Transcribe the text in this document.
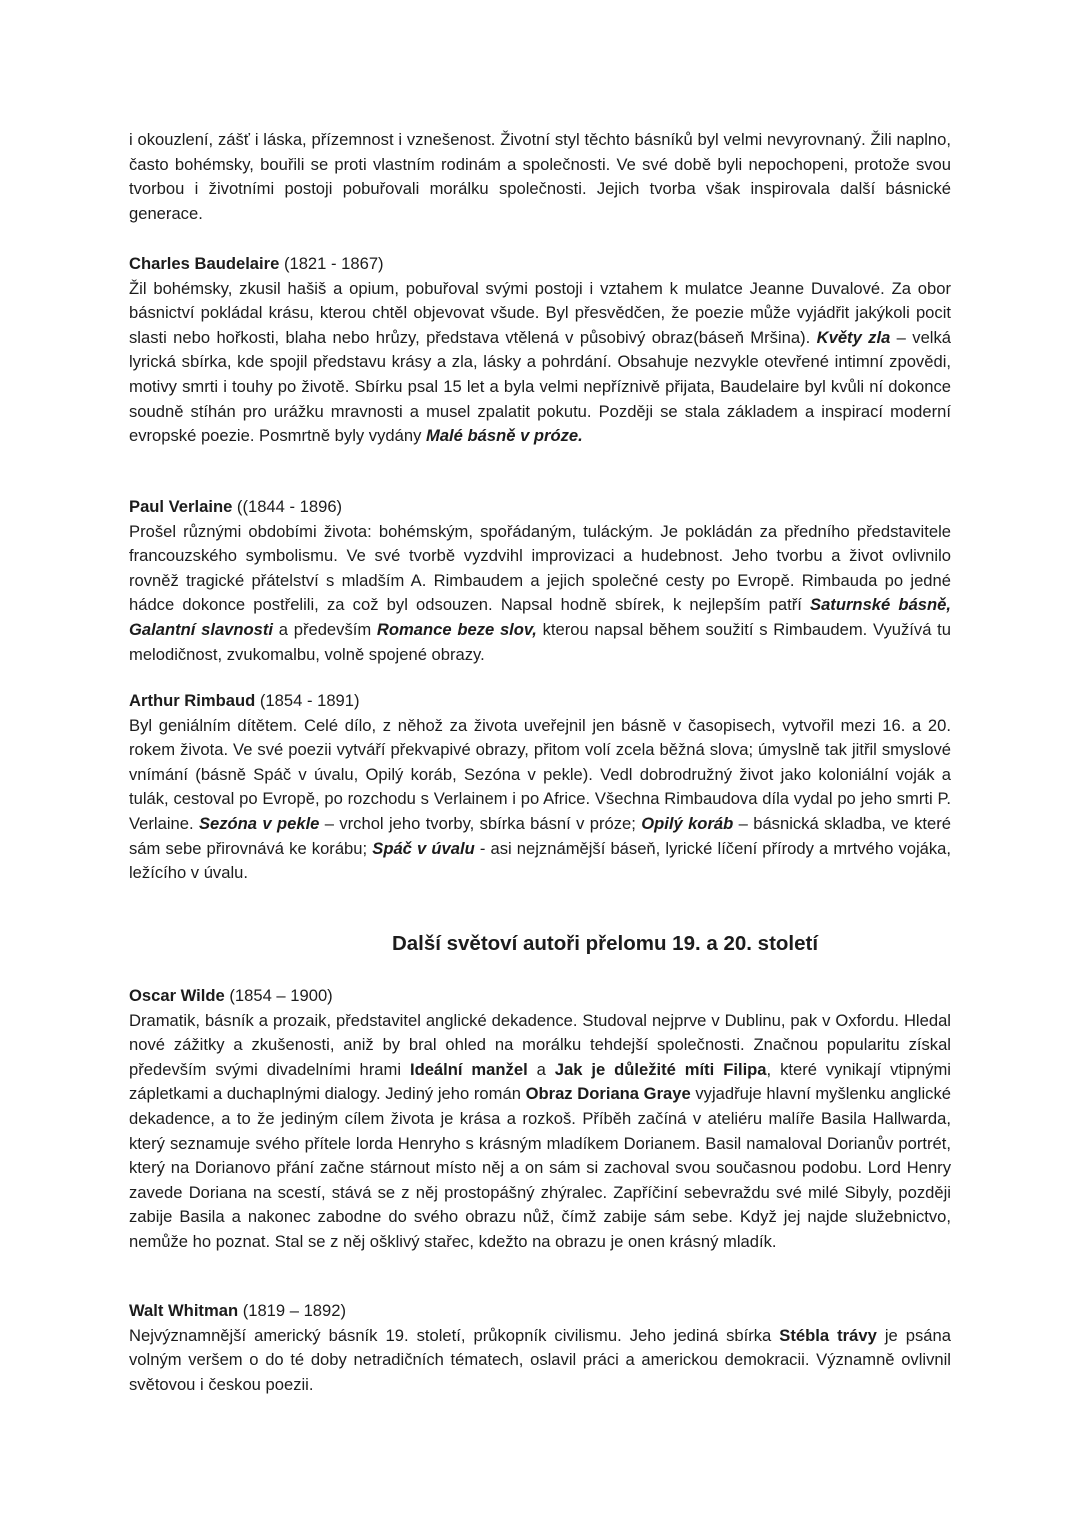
i okouzlení, zášť i láska, přízemnost i vznešenost. Životní styl těchto básníků byl velmi nevyrovnaný. Žili naplno, často bohémsky, bouřili se proti vlastním rodinám a společnosti. Ve své době byli nepochopeni, protože svou tvorbou i životními postoji pobuřovali morálku společnosti. Jejich tvorba však inspirovala další básnické generace.

Charles Baudelaire (1821 - 1867)

Žil bohémsky, zkusil hašiš a opium, pobuřoval svými postoji i vztahem k mulatce Jeanne Duvalové. Za obor básnictví pokládal krásu, kterou chtěl objevovat všude. Byl přesvědčen, že poezie může vyjádřit jakýkoli pocit slasti nebo hořkosti, blaha nebo hrůzy, představa vtělená v působivý obraz(báseň Mršina). Květy zla – velká lyrická sbírka, kde spojil představu krásy a zla, lásky a pohrdání. Obsahuje nezvykle otevřené intimní zpovědi, motivy smrti i touhy po životě. Sbírku psal 15 let a byla velmi nepříznivě přijata, Baudelaire byl kvůli ní dokonce soudně stíhán pro urážku mravnosti a musel zpalatit pokutu. Později se stala základem a inspirací moderní evropské poezie. Posmrtně byly vydány Malé básně v próze.

Paul Verlaine ((1844 - 1896)

Prošel různými obdobími života: bohémským, spořádaným, tuláckým. Je pokládán za předního představitele francouzského symbolismu. Ve své tvorbě vyzdvihl improvizaci a hudebnost. Jeho tvorbu a život ovlivnilo rovněž tragické přátelství s mladším A. Rimbaudem a jejich společné cesty po Evropě. Rimbauda po jedné hádce dokonce postřelili, za což byl odsouzen. Napsal hodně sbírek, k nejlepším patří Saturnské básně, Galantní slavnosti a především Romance beze slov, kterou napsal během soužití s Rimbaudem. Využívá tu melodičnost, zvukomalbu, volně spojené obrazy.

Arthur Rimbaud (1854 - 1891)

Byl geniálním dítětem. Celé dílo, z něhož za života uveřejnil jen básně v časopisech, vytvořil mezi 16. a 20. rokem života. Ve své poezii vytváří překvapivé obrazy, přitom volí zcela běžná slova; úmyslně tak jitřil smyslové vnímání (básně Spáč v úvalu, Opilý koráb, Sezóna v pekle). Vedl dobrodružný život jako koloniální voják a tulák, cestoval po Evropě, po rozchodu s Verlainem i po Africe. Všechna Rimbaudova díla vydal po jeho smrti P. Verlaine. Sezóna v pekle – vrchol jeho tvorby, sbírka básní v próze; Opilý koráb – básnická skladba, ve které sám sebe přirovnává ke korábu; Spáč v úvalu - asi nejznámější báseň, lyrické líčení přírody a mrtvého vojáka, ležícího v úvalu.

Další světoví autoři přelomu 19. a 20. století

Oscar Wilde (1854 – 1900)

Dramatik, básník a prozaik, představitel anglické dekadence. Studoval nejprve v Dublinu, pak v Oxfordu. Hledal nové zážitky a zkušenosti, aniž by bral ohled na morálku tehdejší společnosti. Značnou popularitu získal především svými divadelními hrami Ideální manžel a Jak je důležité míti Filipa, které vynikají vtipnými zápletkami a duchaplnými dialogy. Jediný jeho román Obraz Doriana Graye vyjadřuje hlavní myšlenku anglické dekadence, a to že jediným cílem života je krása a rozkoš. Příběh začíná v ateliéru malíře Basila Hallwarda, který seznamuje svého přítele lorda Henryho s krásným mladíkem Dorianem. Basil namaloval Dorianův portrét, který na Dorianovo přání začne stárnout místo něj a on sám si zachoval svou současnou podobu. Lord Henry zavede Doriana na scestí, stává se z něj prostopášný zhýralec. Zapříčiní sebevraždu své milé Sibyly, později zabije Basila a nakonec zabodne do svého obrazu nůž, čímž zabije sám sebe. Když jej najde služebnictvo, nemůže ho poznat. Stal se z něj ošklivý stařec, kdežto na obrazu je onen krásný mladík.

Walt Whitman (1819 – 1892)

Nejvýznamnější americký básník 19. století, průkopník civilismu. Jeho jediná sbírka Stébla trávy je psána volným veršem o do té doby netradičních tématech, oslavil práci a americkou demokracii. Významně ovlivnil světovou i českou poezii.
